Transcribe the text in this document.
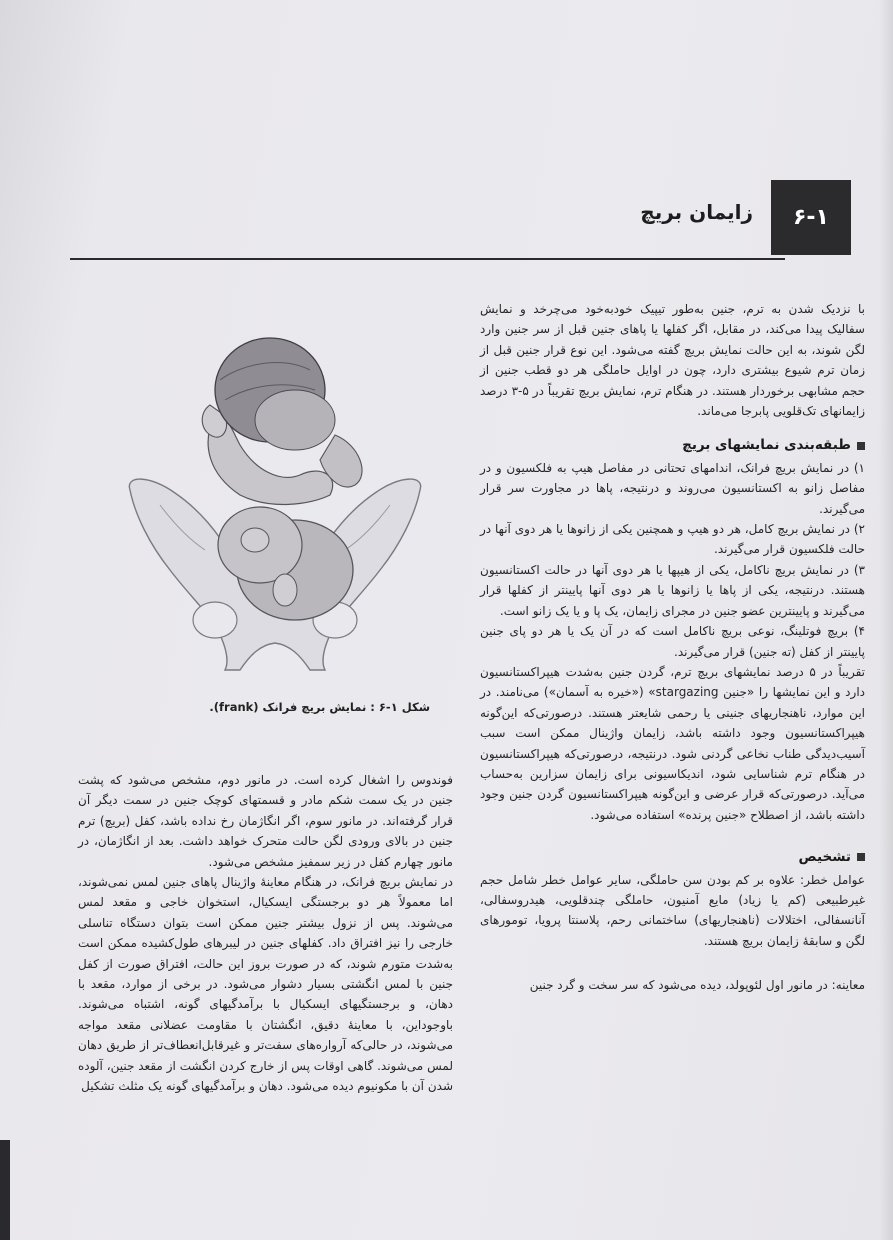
۶-۱
زایمان بریچ
شکل ۱-۶ : نمایش بریچ فرانک (frank).

با نزدیک شدن به ترم، جنین به‌طور تیپیک خودبه‌خود می‌چرخد و نمایش سفالیک پیدا می‌کند، در مقابل، اگر کفلها یا پاهای جنین قبل از سر جنین وارد لگن شوند، به این حالت نمایش بریچ گفته می‌شود. این نوع قرار جنین قبل از زمان ترم شیوع بیشتری دارد، چون در اوایل حاملگی هر دو قطب جنین از حجم مشابهی برخوردار هستند. در هنگام ترم، نمایش بریچ تقریباً در ۵-۳ درصد زایمانهای تک‌قلویی پابرجا می‌ماند.

طبقه‌بندی نمایشهای بریچ

۱) در نمایش بریچ فرانک، اندامهای تحتانی در مفاصل هیپ به فلکسیون و در مفاصل زانو به اکستانسیون می‌روند و درنتیجه، پاها در مجاورت سر قرار می‌گیرند.

۲) در نمایش بریچ کامل، هر دو هیپ و همچنین یکی از زانوها یا هر دوی آنها در حالت فلکسیون قرار می‌گیرند.

۳) در نمایش بریچ ناکامل، یکی از هیپها یا هر دوی آنها در حالت اکستانسیون هستند. درنتیجه، یکی از پاها یا زانوها یا هر دوی آنها پایینتر از کفلها قرار می‌گیرند و پایینترین عضو جنین در مجرای زایمان، یک پا و یا یک زانو است.

۴) بریچ فوتلینگ، نوعی بریچ ناکامل است که در آن یک یا هر دو پای جنین پایینتر از کفل (ته جنین) قرار می‌گیرند.

تقریباً در ۵ درصد نمایشهای بریچ ترم، گردن جنین به‌شدت هیپراکستانسیون دارد و این نمایشها را «جنین stargazing» («خیره به آسمان») می‌نامند. در این موارد، ناهنجاریهای جنینی یا رحمی شایعتر هستند. درصورتی‌که این‌گونه هیپراکستانسیون وجود داشته باشد، زایمان واژینال ممکن است سبب آسیب‌دیدگی طناب نخاعی گردنی شود. درنتیجه، درصورتی‌که هیپراکستانسیون در هنگام ترم شناسایی شود، اندیکاسیونی برای زایمان سزارین به‌حساب می‌آید. درصورتی‌که قرار عرضی و این‌گونه هیپراکستانسیون گردن جنین وجود داشته باشد، از اصطلاح «جنین پرنده» استفاده می‌شود.

تشخیص

عوامل خطر: علاوه بر کم بودن سن حاملگی، سایر عوامل خطر شامل حجم غیرطبیعی (کم یا زیاد) مایع آمنیون، حاملگی چندقلویی، هیدروسفالی، آنانسفالی، اختلالات (ناهنجاریهای) ساختمانی رحم، پلاسنتا پرویا، تومورهای لگن و سابقهٔ زایمان بریچ هستند.

معاینه: در مانور اول لئوپولد، دیده می‌شود که سر سخت و گرد جنین

فوندوس را اشغال کرده است. در مانور دوم، مشخص می‌شود که پشت جنین در یک سمت شکم مادر و قسمتهای کوچک جنین در سمت دیگر آن قرار گرفته‌اند. در مانور سوم، اگر انگاژمان رخ نداده باشد، کفل (بریچ) ترم جنین در بالای ورودی لگن حالت متحرک خواهد داشت. بعد از انگاژمان، در مانور چهارم کفل در زیر سمفیز مشخص می‌شود.

در نمایش بریچ فرانک، در هنگام معاینهٔ واژینال پاهای جنین لمس نمی‌شوند، اما معمولاً هر دو برجستگی ایسکیال، استخوان خاجی و مقعد لمس می‌شوند. پس از نزول بیشتر جنین ممکن است بتوان دستگاه تناسلی خارجی را نیز افتراق داد. کفلهای جنین در لیبرهای طول‌کشیده ممکن است به‌شدت متورم شوند، که در صورت بروز این حالت، افتراق صورت از کفل جنین با لمس انگشتی بسیار دشوار می‌شود. در برخی از موارد، مقعد با دهان، و برجستگیهای ایسکیال با برآمدگیهای گونه، اشتباه می‌شوند. باوجوداین، با معاینهٔ دقیق، انگشتان با مقاومت عضلانی مقعد مواجه می‌شوند، در حالی‌که آرواره‌های سفت‌تر و غیرقابل‌انعطاف‌تر از طریق دهان لمس می‌شوند. گاهی اوقات پس از خارج کردن انگشت از مقعد جنین، آلوده شدن آن با مکونیوم دیده می‌شود. دهان و برآمدگیهای گونه یک مثلث تشکیل
